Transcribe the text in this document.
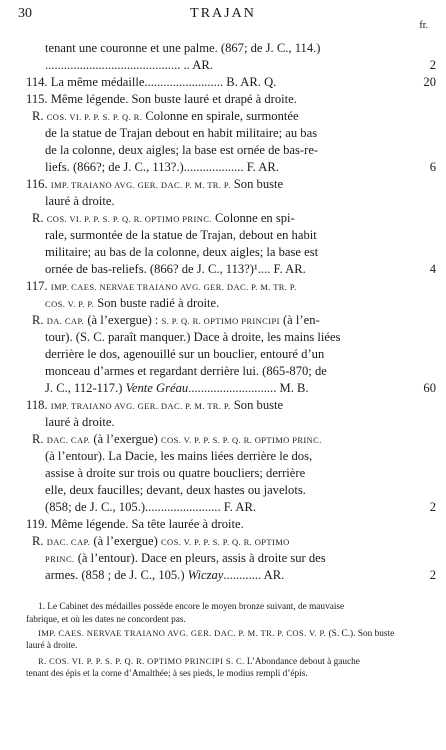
30	TRAJAN
fr.
tenant une couronne et une palme. (867; de J. C., 114.)
........................................... .. AR.	2
114. La même médaille......................... B. AR. Q.	20
115. Même légende. Son buste lauré et drapé à droite.
R. COS. VI. P. P. S. P. Q. R. Colonne en spirale, surmontée
de la statue de Trajan debout en habit militaire; au bas
de la colonne, deux aigles; la base est ornée de bas-re-
liefs. (866?; de J. C., 113?.)................... F. AR.	6
116. IMP. TRAIANO AVG. GER. DAC. P. M. TR. P. Son buste
lauré à droite.
R. COS. VI. P. P. S. P. Q. R. OPTIMO PRINC. Colonne en spi-
rale, surmontée de la statue de Trajan, debout en habit
militaire; au bas de la colonne, deux aigles; la base est
ornée de bas-reliefs. (866? de J. C., 113?)¹.... F. AR.	4
117. IMP. CAES. NERVAE TRAIANO AVG. GER. DAC. P. M. TR. P.
COS. V. P. P. Son buste radié à droite.
R. DA. CAP. (à l’exergue) : S. P. Q. R. OPTIMO PRINCIPI (à l’en-
tour). (S. C. paraît manquer.) Dace à droite, les mains liées
derrière le dos, agenouillé sur un bouclier, entouré d’un
monceau d’armes et regardant derrière lui. (865-870; de
J. C., 112-117.) Vente Gréau............................ M. B.	60
118. IMP. TRAIANO AVG. GER. DAC. P. M. TR. P. Son buste
lauré à droite.
R. DAC. CAP. (à l’exergue) COS. V. P. P. S. P. Q. R. OPTIMO PRINC.
(à l’entour). La Dacie, les mains liées derrière le dos,
assise à droite sur trois ou quatre boucliers; derrière
elle, deux faucilles; devant, deux hastes ou javelots.
(858; de J. C., 105.)........................ F. AR.	2
119. Même légende. Sa tête laurée à droite.
R. DAC. CAP. (à l’exergue) COS. V. P. P. S. P. Q. R. OPTIMO
PRINC. (à l’entour). Dace en pleurs, assis à droite sur des
armes. (858 ; de J. C., 105.) Wiczay............ AR.	2
1. Le Cabinet des médailles possède encore le moyen bronze suivant, de mauvaise
fabrique, et où les dates ne concordent pas.
IMP. CAES. NERVAE TRAIANO AVG. GER. DAC. P. M. TR. P. COS. V. P. (S. C.). Son buste
lauré à droite.
R. COS. VI. P. P. S. P. Q. R. OPTIMO PRINCIPI S. C. L’Abondance debout à gauche
tenant des épis et la corne d’Amalthée; à ses pieds, le modius rempli d’épis.
